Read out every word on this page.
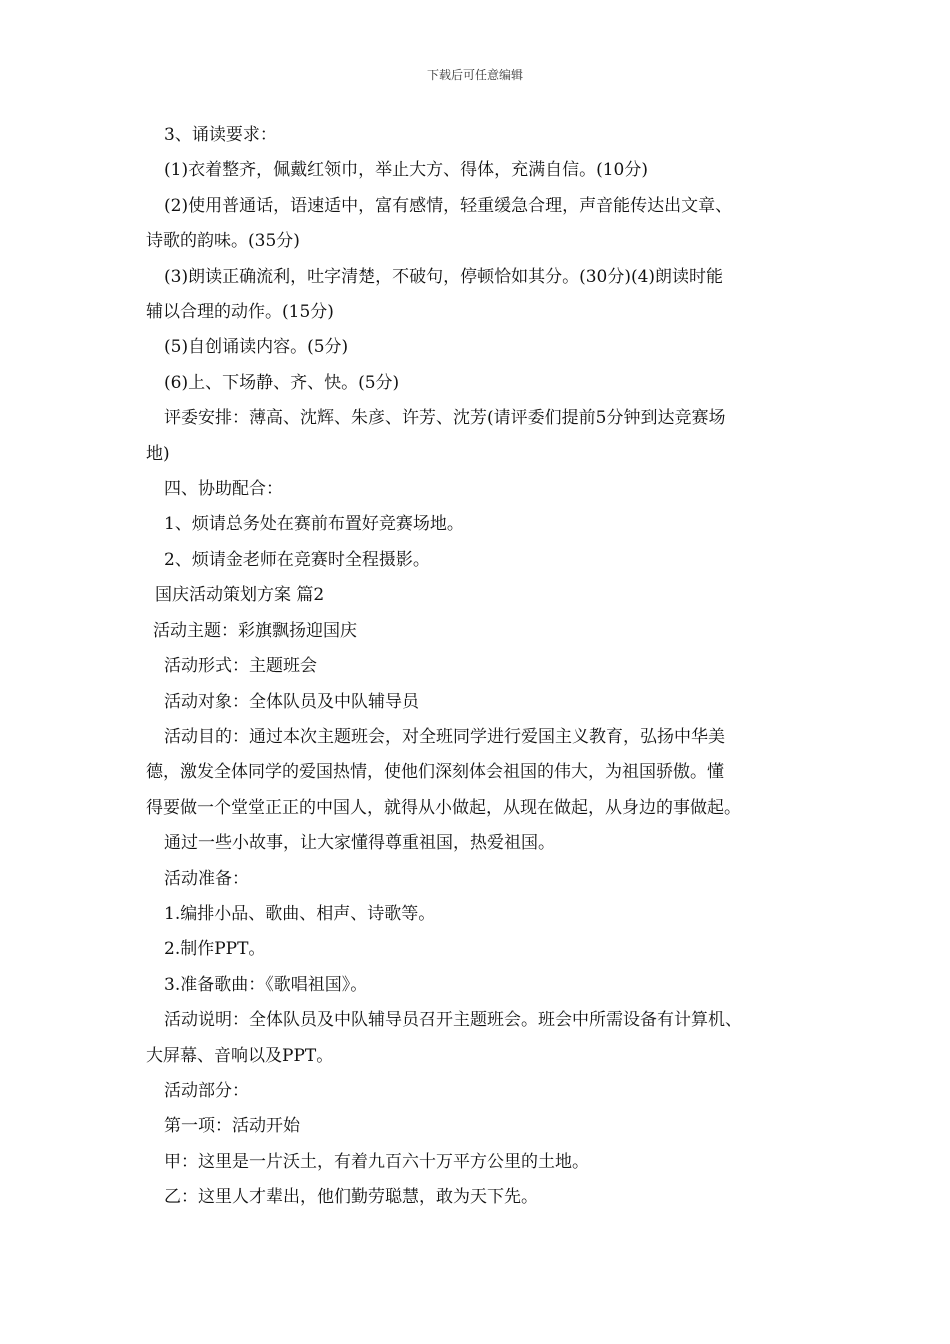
下载后可任意编辑

3、诵读要求：

(1)衣着整齐，佩戴红领巾，举止大方、得体，充满自信。(10分)

(2)使用普通话，语速适中，富有感情，轻重缓急合理，声音能传达出文章、

诗歌的韵味。(35分)

(3)朗读正确流利，吐字清楚，不破句，停顿恰如其分。(30分)(4)朗读时能

辅以合理的动作。(15分)

(5)自创诵读内容。(5分)

(6)上、下场静、齐、快。(5分)

评委安排：薄高、沈辉、朱彦、许芳、沈芳(请评委们提前5分钟到达竞赛场

地)

四、协助配合：

1、烦请总务处在赛前布置好竞赛场地。

2、烦请金老师在竞赛时全程摄影。

国庆活动策划方案 篇2

活动主题：彩旗飘扬迎国庆

活动形式：主题班会

活动对象：全体队员及中队辅导员

活动目的：通过本次主题班会，对全班同学进行爱国主义教育，弘扬中华美

德，激发全体同学的爱国热情，使他们深刻体会祖国的伟大，为祖国骄傲。懂

得要做一个堂堂正正的中国人，就得从小做起，从现在做起，从身边的事做起。

通过一些小故事，让大家懂得尊重祖国，热爱祖国。

活动准备：

1.编排小品、歌曲、相声、诗歌等。

2.制作PPT。

3.准备歌曲：《歌唱祖国》。

活动说明：全体队员及中队辅导员召开主题班会。班会中所需设备有计算机、

大屏幕、音响以及PPT。

活动部分：

第一项：活动开始

甲：这里是一片沃土，有着九百六十万平方公里的土地。

乙：这里人才辈出，他们勤劳聪慧，敢为天下先。
